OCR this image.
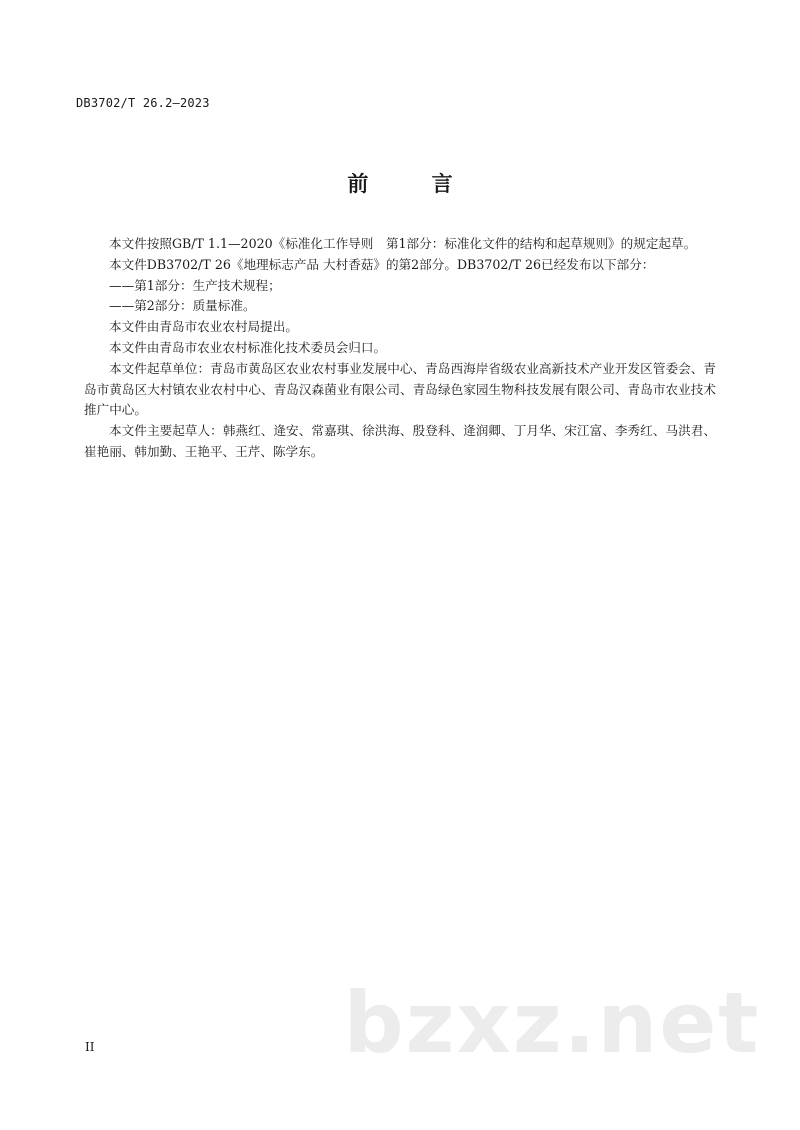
DB3702/T 26.2—2023
前 言

本文件按照GB/T 1.1—2020《标准化工作导则　第1部分：标准化文件的结构和起草规则》的规定起草。

本文件DB3702/T 26《地理标志产品 大村香菇》的第2部分。DB3702/T 26已经发布以下部分：

——第1部分：生产技术规程；

——第2部分：质量标准。

本文件由青岛市农业农村局提出。

本文件由青岛市农业农村标准化技术委员会归口。

本文件起草单位：青岛市黄岛区农业农村事业发展中心、青岛西海岸省级农业高新技术产业开发区管委会、青岛市黄岛区大村镇农业农村中心、青岛汉森菌业有限公司、青岛绿色家园生物科技发展有限公司、青岛市农业技术推广中心。

本文件主要起草人：韩燕红、逄安、常嘉琪、徐洪海、殷登科、逄润卿、丁月华、宋江富、李秀红、马洪君、崔艳丽、韩加勤、王艳平、王芹、陈学东。

II	bzxz.net
